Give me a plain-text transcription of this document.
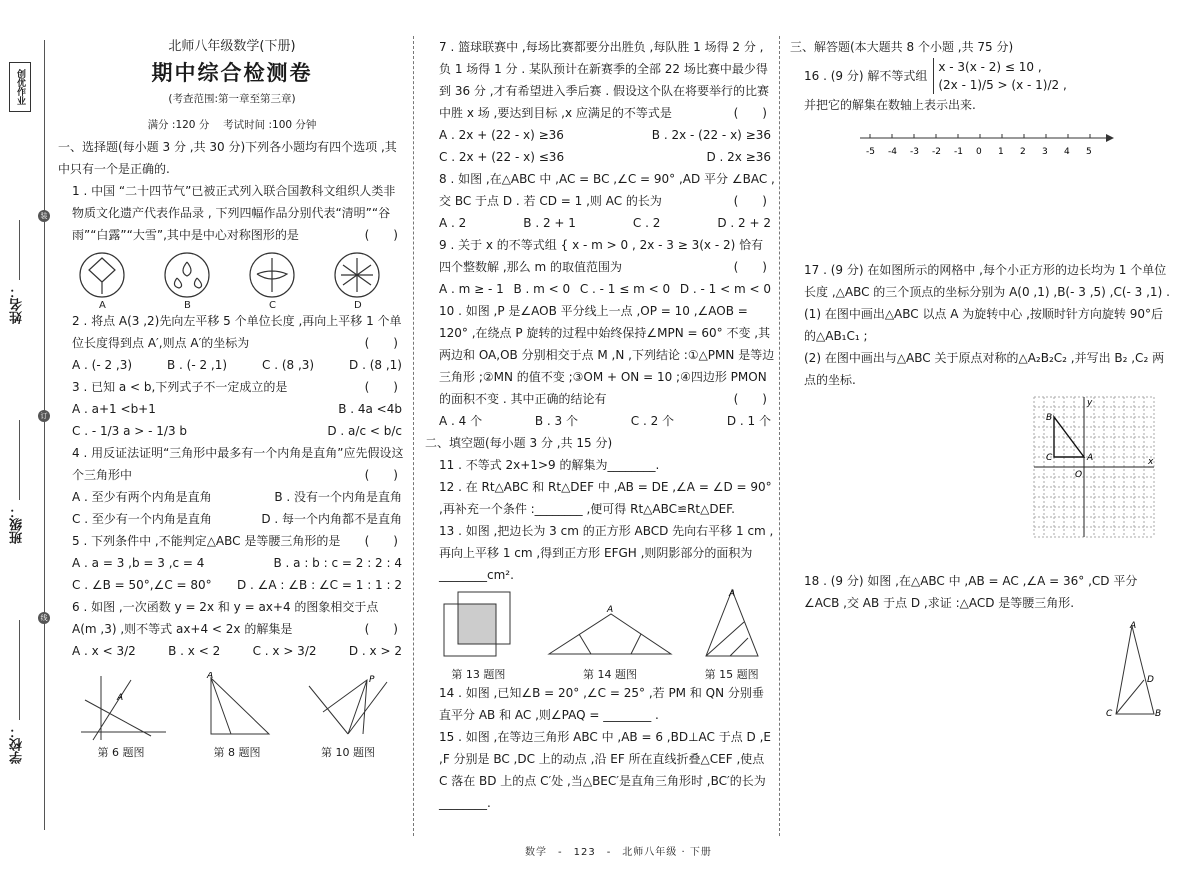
创优作业
装
订
线
姓名：
班级：
学校：
北师八年级数学(下册)
期中综合检测卷
(考查范围:第一章至第三章)
满分 :120 分　 考试时间 :100 分钟

一、选择题(每小题 3 分 ,共 30 分)下列各小题均有四个选项 ,其中只有一个是正确的.

1 . 中国 “二十四节气”已被正式列入联合国教科文组织人类非物质文化遗产代表作品录 , 下列四幅作品分别代表“清明”“谷雨”“白露”“大雪”,其中是中心对称图形的是	(　　)

A	B	C	D

2 . 将点 A(3 ,2)先向左平移 5 个单位长度 ,再向上平移 1 个单位长度得到点 A′,则点 A′的坐标为	(　　)

A . (- 2 ,3)	B . (- 2 ,1)	C . (8 ,3)	D . (8 ,1)

3 . 已知 a < b,下列式子不一定成立的是	(　　)

A . a+1 <b+1	B . 4a <4b
C . - 1/3 a > - 1/3 b	D . a/c < b/c

4 . 用反证法证明“三角形中最多有一个内角是直角”应先假设这个三角形中	(　　)

A . 至少有两个内角是直角	B . 没有一个内角是直角
C . 至少有一个内角是直角	D . 每一个内角都不是直角

5 . 下列条件中 ,不能判定△ABC 是等腰三角形的是 (　　)

A . a = 3 ,b = 3 ,c = 4	B . a : b : c = 2 : 2 : 4
C . ∠B = 50°,∠C = 80° D . ∠A : ∠B : ∠C = 1 : 1 : 2

6 . 如图 ,一次函数 y = 2x 和 y = ax+4 的图象相交于点 A(m ,3) ,则不等式 ax+4 < 2x 的解集是	(　　)

A . x < 3/2	B . x < 2	C . x > 3/2	D . x > 2
A
第 6 题图
A
第 8 题图
P
第 10 题图

7 . 篮球联赛中 ,每场比赛都要分出胜负 ,每队胜 1 场得 2 分 ,负 1 场得 1 分 . 某队预计在新赛季的全部 22 场比赛中最少得到 36 分 ,才有希望进入季后赛 . 假设这个队在将要举行的比赛中胜 x 场 ,要达到目标 ,x 应满足的不等式是	(　　)

A . 2x + (22 - x) ≥36	B . 2x - (22 - x) ≥36
C . 2x + (22 - x) ≤36	D . 2x ≥36

8 . 如图 ,在△ABC 中 ,AC = BC ,∠C = 90° ,AD 平分 ∠BAC ,交 BC 于点 D . 若 CD = 1 ,则 AC 的长为	(　　)

A . 2	B . 2 + 1	C . 2	D . 2 + 2

9 . 关于 x 的不等式组 { x - m > 0 , 2x - 3 ≥ 3(x - 2) 恰有四个整数解 ,那么 m 的取值范围为	(　　)

A . m ≥ - 1 B . m < 0 C . - 1 ≤ m < 0 D . - 1 < m < 0

10 . 如图 ,P 是∠AOB 平分线上一点 ,OP = 10 ,∠AOB = 120° ,在绕点 P 旋转的过程中始终保持∠MPN = 60° 不变 ,其两边和 OA,OB 分别相交于点 M ,N ,下列结论 :①△PMN 是等边三角形 ;②MN 的值不变 ;③OM + ON = 10 ;④四边形 PMON 的面积不变 . 其中正确的结论有	(　　)

A . 4 个	B . 3 个	C . 2 个	D . 1 个

二、填空题(每小题 3 分 ,共 15 分)

11 . 不等式 2x+1>9 的解集为________.

12 . 在 Rt△ABC 和 Rt△DEF 中 ,AB = DE ,∠A = ∠D = 90° ,再补充一个条件 :________ ,便可得 Rt△ABC≌Rt△DEF.

13 . 如图 ,把边长为 3 cm 的正方形 ABCD 先向右平移 1 cm ,再向上平移 1 cm ,得到正方形 EFGH ,则阴影部分的面积为________cm².

第 13 题图
A
第 14 题图
A
第 15 题图

14 . 如图 ,已知∠B = 20° ,∠C = 25° ,若 PM 和 QN 分别垂直平分 AB 和 AC ,则∠PAQ = ________ .

15 . 如图 ,在等边三角形 ABC 中 ,AB = 6 ,BD⊥AC 于点 D ,E ,F 分别是 BC ,DC 上的动点 ,沿 EF 所在直线折叠△CEF ,使点 C 落在 BD 上的点 C′处 ,当△BEC′是直角三角形时 ,BC′的长为________.

三、解答题(本大题共 8 个小题 ,共 75 分)

16 . (9 分) 解不等式组
x - 3(x - 2) ≤ 10 ,
(2x - 1)/5 > (x - 1)/2 ,

并把它的解集在数轴上表示出来.

-5 -4 -3 -2 -1 0 1 2 3 4 5

17 . (9 分) 在如图所示的网格中 ,每个小正方形的边长均为 1 个单位长度 ,△ABC 的三个顶点的坐标分别为 A(0 ,1) ,B(- 3 ,5) ,C(- 3 ,1) .

(1) 在图中画出△ABC 以点 A 为旋转中心 ,按顺时针方向旋转 90°后的△AB₁C₁ ;

(2) 在图中画出与△ABC 关于原点对称的△A₂B₂C₂ ,并写出 B₂ ,C₂ 两点的坐标.

B
C	A
O
x
y

18 . (9 分) 如图 ,在△ABC 中 ,AB = AC ,∠A = 36° ,CD 平分∠ACB ,交 AB 于点 D ,求证 :△ACD 是等腰三角形.

A
C	B
D
数学　-　123　-　北师八年级 · 下册
